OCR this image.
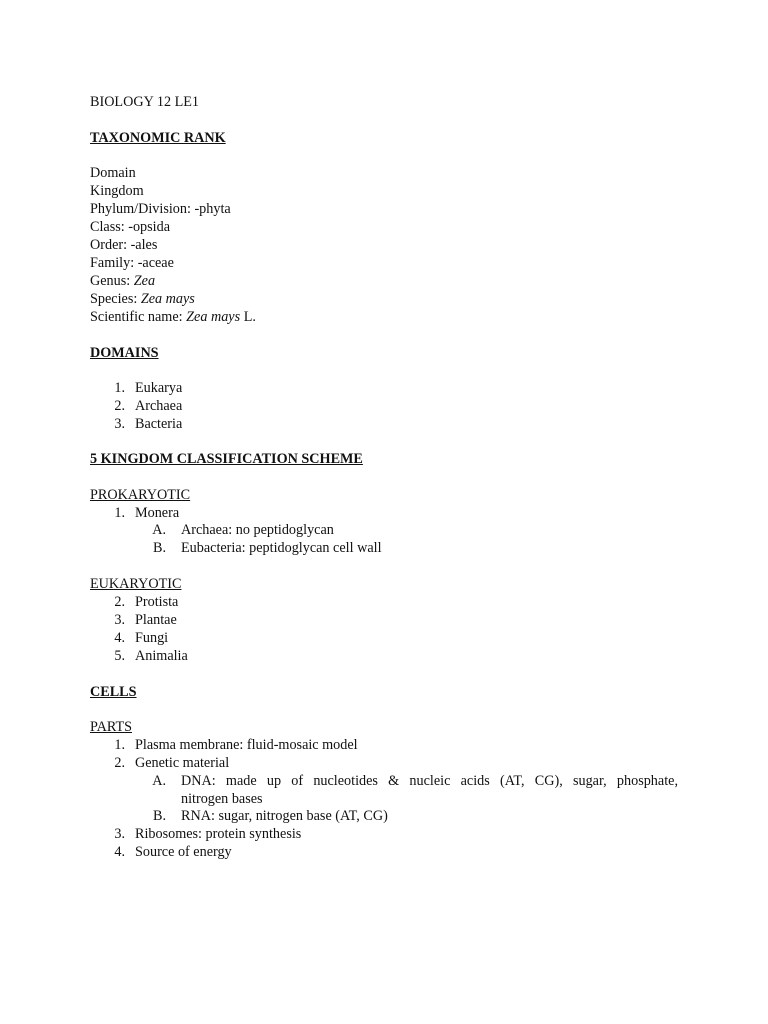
BIOLOGY 12 LE1
TAXONOMIC RANK
Domain
Kingdom
Phylum/Division: -phyta
Class: -opsida
Order: -ales
Family: -aceae
Genus: Zea
Species: Zea mays
Scientific name: Zea mays L.
DOMAINS
1. Eukarya
2. Archaea
3. Bacteria
5 KINGDOM CLASSIFICATION SCHEME
PROKARYOTIC
1. Monera
A. Archaea: no peptidoglycan
B. Eubacteria: peptidoglycan cell wall
EUKARYOTIC
2. Protista
3. Plantae
4. Fungi
5. Animalia
CELLS
PARTS
1. Plasma membrane: fluid-mosaic model
2. Genetic material
A. DNA: made up of nucleotides & nucleic acids (AT, CG), sugar, phosphate,
nitrogen bases
B. RNA: sugar, nitrogen base (AT, CG)
3. Ribosomes: protein synthesis
4. Source of energy
